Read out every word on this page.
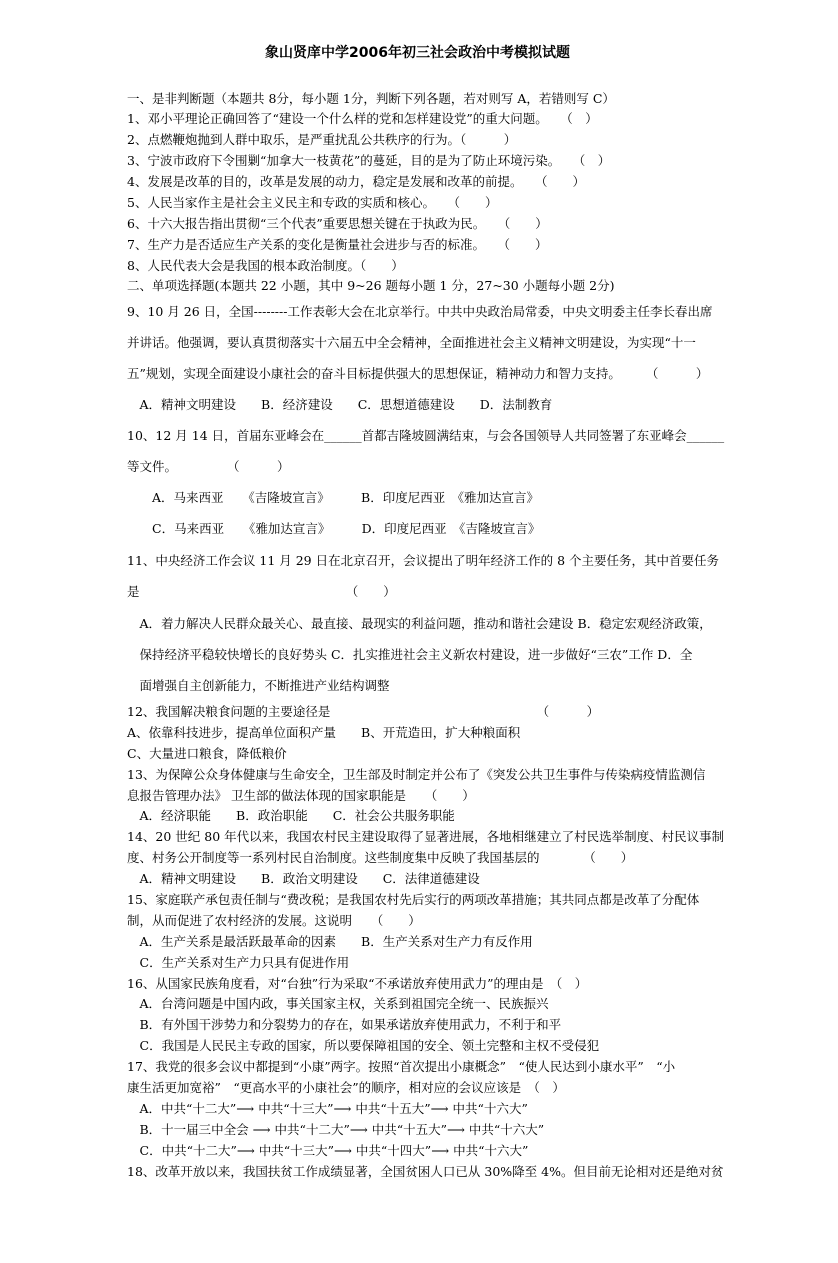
象山贤庠中学2006年初三社会政治中考模拟试题
一、是非判断题（本题共 8分，每小题 1分，判断下列各题，若对则写 A，若错则写 C）
1、邓小平理论正确回答了“建设一个什么样的党和怎样建设党”的重大问题。　　（　）
2、点燃鞭炮抛到人群中取乐，是严重扰乱公共秩序的行为。（　　　）
3、宁波市政府下令围剿“加拿大一枝黄花”的蔓延，目的是为了防止环境污染。　　（　）
4、发展是改革的目的，改革是发展的动力，稳定是发展和改革的前提。　　（　　）
5、人民当家作主是社会主义民主和专政的实质和核心。　　（　　）
6、十六大报告指出贯彻“三个代表”重要思想关键在于执政为民。　　（　　）
7、生产力是否适应生产关系的变化是衡量社会进步与否的标准。　　（　　）
8、人民代表大会是我国的根本政治制度。（　　）
二、单项选择题(本题共 22 小题，其中 9~26 题每小题 1 分，27~30 小题每小题 2分)
9、10 月 26 日，全国--------工作表彰大会在北京举行。中共中央政治局常委，中央文明委主任李长春出席
并讲话。他强调，要认真贯彻落实十六届五中全会精神，全面推进社会主义精神文明建设，为实现“十一
五”规划，实现全面建设小康社会的奋斗目标提供强大的思想保证，精神动力和智力支持。　　　（　　　）
　A．精神文明建设　　B．经济建设　　C．思想道德建设　　D．法制教育
10、12 月 14 日，首届东亚峰会在______首都吉隆坡圆满结束，与会各国领导人共同签署了东亚峰会______
等文件。　　　　　（　　　）
　　A．马来西亚　　《吉隆坡宣言》　　　B．印度尼西亚　《雅加达宣言》
　　C．马来西亚　　《雅加达宣言》　　　D．印度尼西亚　《吉隆坡宣言》
11、中央经济工作会议 11 月 29 日在北京召开，会议提出了明年经济工作的 8 个主要任务，其中首要任务
是　　　　　　　　　　　　　　　　　（　　）
　A．着力解决人民群众最关心、最直接、最现实的利益问题，推动和谐社会建设 B．稳定宏观经济政策，
　保持经济平稳较快增长的良好势头 C．扎实推进社会主义新农村建设，进一步做好“三农”工作 D．全
　面增强自主创新能力，不断推进产业结构调整
12、我国解决粮食问题的主要途径是　　　　　　　　　　　　　　　　　（　　　）
A、依靠科技进步，提高单位面积产量　　B、开荒造田，扩大种粮面积
C、大量进口粮食，降低粮价
13、为保障公众身体健康与生命安全，卫生部及时制定并公布了《突发公共卫生事件与传染病疫情监测信
息报告管理办法》 卫生部的做法体现的国家职能是　　（　　）
　A．经济职能　　B．政治职能　　C．社会公共服务职能
14、20 世纪 80 年代以来，我国农村民主建设取得了显著进展，各地相继建立了村民选举制度、村民议事制
度、村务公开制度等一系列村民自治制度。这些制度集中反映了我国基层的　　　　（　　）
　A．精神文明建设　　B．政治文明建设　　C．法律道德建设
15、家庭联产承包责任制与“费改税；是我国农村先后实行的两项改革措施；其共同点都是改革了分配体
制，从而促进了农村经济的发展。这说明　　（　　）
　A．生产关系是最活跃最革命的因素　　B．生产关系对生产力有反作用
　C．生产关系对生产力只具有促进作用
16、从国家民族角度看，对“台独”行为采取“不承诺放弃使用武力”的理由是　（　）
　A．台湾问题是中国内政，事关国家主权，关系到祖国完全统一、民族振兴
　B．有外国干涉势力和分裂势力的存在，如果承诺放弃使用武力，不利于和平
　C．我国是人民民主专政的国家，所以要保障祖国的安全、领土完整和主权不受侵犯
17、我党的很多会议中都提到“小康”两字。按照“首次提出小康概念”　“使人民达到小康水平”　“小
康生活更加宽裕”　“更高水平的小康社会”的顺序，相对应的会议应该是　（　）
　A．中共“十二大”⟶ 中共“十三大”⟶ 中共“十五大”⟶ 中共“十六大”
　B．十一届三中全会 ⟶ 中共“十二大”⟶ 中共“十五大”⟶ 中共“十六大”
　C．中共“十二大”⟶ 中共“十三大”⟶ 中共“十四大”⟶ 中共“十六大”
18、改革开放以来，我国扶贫工作成绩显著，全国贫困人口已从 30%降至 4%。但目前无论相对还是绝对贫
